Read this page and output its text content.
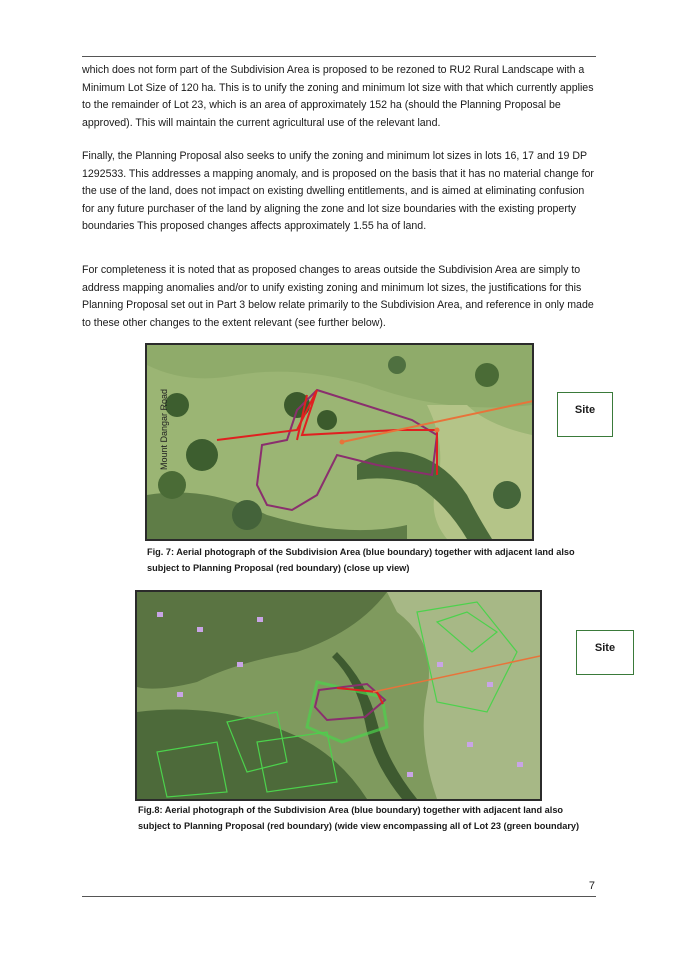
which does not form part of the Subdivision Area is proposed to be rezoned to RU2 Rural Landscape with a Minimum Lot Size of 120 ha. This is to unify the zoning and minimum lot size with that which currently applies to the remainder of Lot 23, which is an area of approximately 152 ha (should the Planning Proposal be approved). This will maintain the current agricultural use of the relevant land.

Finally, the Planning Proposal also seeks to unify the zoning and minimum lot sizes in lots 16, 17 and 19 DP 1292533. This addresses a mapping anomaly, and is proposed on the basis that it has no material change for the use of the land, does not impact on existing dwelling entitlements, and is aimed at eliminating confusion for any future purchaser of the land by aligning the zone and lot size boundaries with the existing property boundaries This proposed changes affects approximately 1.55 ha of land.

For completeness it is noted that as proposed changes to areas outside the Subdivision Area are simply to address mapping anomalies and/or to unify existing zoning and minimum lot sizes, the justifications for this Planning Proposal set out in Part 3 below relate primarily to the Subdivision Area, and reference in only made to these other changes to the extent relevant (see further below).

Mount Dangar Road	Site

Fig. 7: Aerial photograph of the Subdivision Area (blue boundary) together with adjacent land also subject to Planning Proposal (red boundary) (close up view)

Site

Fig.8: Aerial photograph of the Subdivision Area (blue boundary) together with adjacent land also subject to Planning Proposal (red boundary) (wide view encompassing all of Lot 23 (green boundary)

7
